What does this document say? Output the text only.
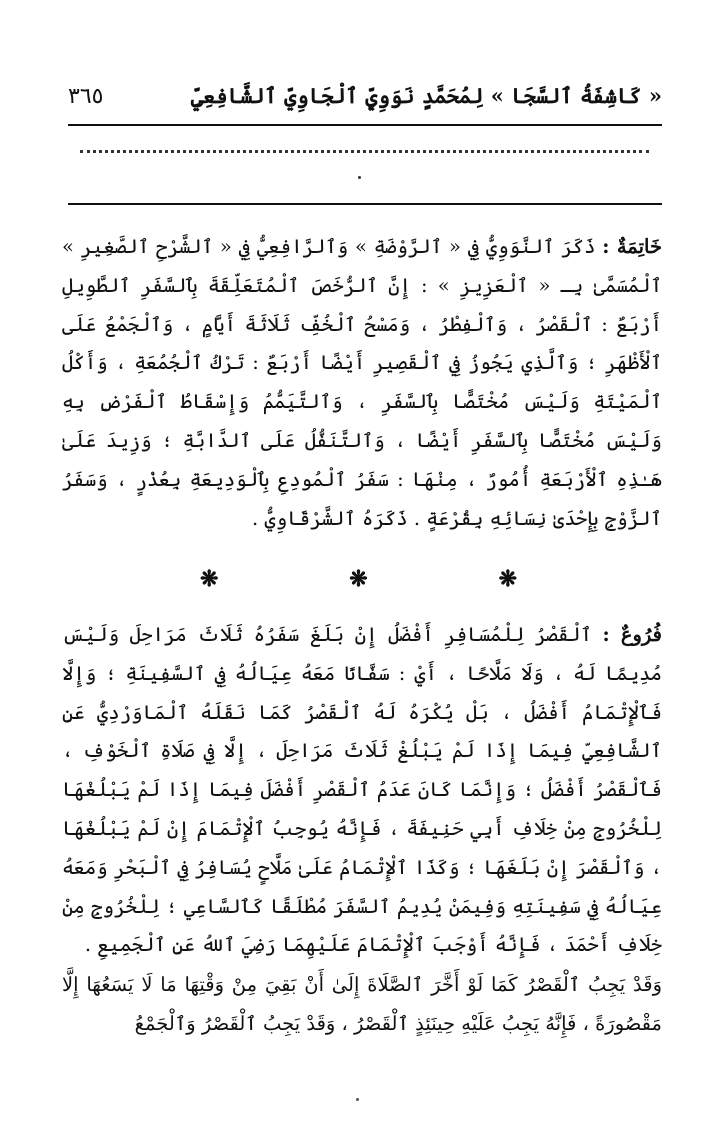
٣٦٥	« كَاشِفَةُ ٱلسَّجَا » لِمُحَمَّدٍ نَوَوِيٍّ ٱلْجَاوِيِّ ٱلشَّافِعِيِّ

خَاتِمَةٌ : ذَكَرَ ٱلنَّوَوِيُّ فِي « ٱلرَّوْضَةِ » وَٱلرَّافِعِيُّ فِي « ٱلشَّرْحِ ٱلصَّغِيرِ » ٱلْمُسَمَّىٰ بِـ « ٱلْعَزِيزِ » : إِنَّ ٱلرُّخَصَ ٱلْمُتَعَلِّقَةَ بِٱلسَّفَرِ ٱلطَّوِيلِ أَرْبَعٌ : ٱلْقَصْرُ ، وَٱلْفِطْرُ ، وَمَسْحُ ٱلْخُفِّ ثَلَاثَةَ أَيَّامٍ ، وَٱلْجَمْعُ عَلَى ٱلْأَظْهَرِ ؛ وَٱلَّذِي يَجُوزُ فِي ٱلْقَصِيرِ أَيْضًا أَرْبَعٌ : تَرْكُ ٱلْجُمُعَةِ ، وَأَكْلُ ٱلْمَيْتَةِ وَلَيْسَ مُخْتَصًّا بِٱلسَّفَرِ ، وَٱلتَّيَمُّمُ وَإِسْقَاطُ ٱلْفَرْضِ بِهِ وَلَيْسَ مُخْتَصًّا بِٱلسَّفَرِ أَيْضًا ، وَٱلتَّنَفُّلُ عَلَى ٱلدَّابَّةِ ؛ وَزِيدَ عَلَىٰ هَـٰذِهِ ٱلْأَرْبَعَةِ أُمُورٌ ، مِنْهَا : سَفَرُ ٱلْمُودِعِ بِٱلْوَدِيعَةِ بِعُذْرٍ ، وَسَفَرُ ٱلزَّوْجِ بِإِحْدَىٰ نِسَائِهِ بِقُرْعَةٍ . ذَكَرَهُ ٱلشَّرْقَاوِيُّ .

❋	❋	❋

فُرُوعٌ : ٱلْقَصْرُ لِلْمُسَافِرِ أَفْضَلُ إِنْ بَلَغَ سَفَرُهُ ثَلَاثَ مَرَاحِلَ وَلَيْسَ مُدِيمًا لَهُ ، وَلَا مَلَّاحًا ، أَيْ : سَفَّانًا مَعَهُ عِيَالُهُ فِي ٱلسَّفِينَةِ ؛ وَإِلَّا فَٱلْإِتْمَامُ أَفْضَلُ ، بَلْ يُكْرَهُ لَهُ ٱلْقَصْرُ كَمَا نَقَلَهُ ٱلْمَاوَرْدِيُّ عَنِ ٱلشَّافِعِيِّ فِيمَا إِذَا لَمْ يَبْلُغْ ثَلَاثَ مَرَاحِلَ ، إِلَّا فِي صَلَاةِ ٱلْخَوْفِ ، فَٱلْقَصْرُ أَفْضَلُ ؛ وَإِنَّمَا كَانَ عَدَمُ ٱلْقَصْرِ أَفْضَلَ فِيمَا إِذَا لَمْ يَبْلُغْهَا لِلْخُرُوجِ مِنْ خِلَافِ أَبِي حَنِيفَةَ ، فَإِنَّهُ يُوجِبُ ٱلْإِتْمَامَ إِنْ لَمْ يَبْلُغْهَا ، وَٱلْقَصْرَ إِنْ بَلَغَهَا ؛ وَكَذَا ٱلْإِتْمَامُ عَلَىٰ مَلَّاحٍ يُسَافِرُ فِي ٱلْبَحْرِ وَمَعَهُ عِيَالُهُ فِي سَفِينَتِهِ وَفِيمَنْ يُدِيمُ ٱلسَّفَرَ مُطْلَقًا كَٱلسَّاعِي ؛ لِلْخُرُوجِ مِنْ خِلَافِ أَحْمَدَ ، فَإِنَّهُ أَوْجَبَ ٱلْإِتْمَامَ عَلَيْهِمَا رَضِيَ ٱللهُ عَنِ ٱلْجَمِيعِ .

وَقَدْ يَجِبُ ٱلْقَصْرُ كَمَا لَوْ أَخَّرَ ٱلصَّلَاةَ إِلَىٰ أَنْ بَقِيَ مِنْ وَقْتِهَا مَا لَا يَسَعُهَا إِلَّا مَقْصُورَةً ، فَإِنَّهُ يَجِبُ عَلَيْهِ حِينَئِذٍ ٱلْقَصْرُ ، وَقَدْ يَجِبُ ٱلْقَصْرُ وَٱلْجَمْعُ
